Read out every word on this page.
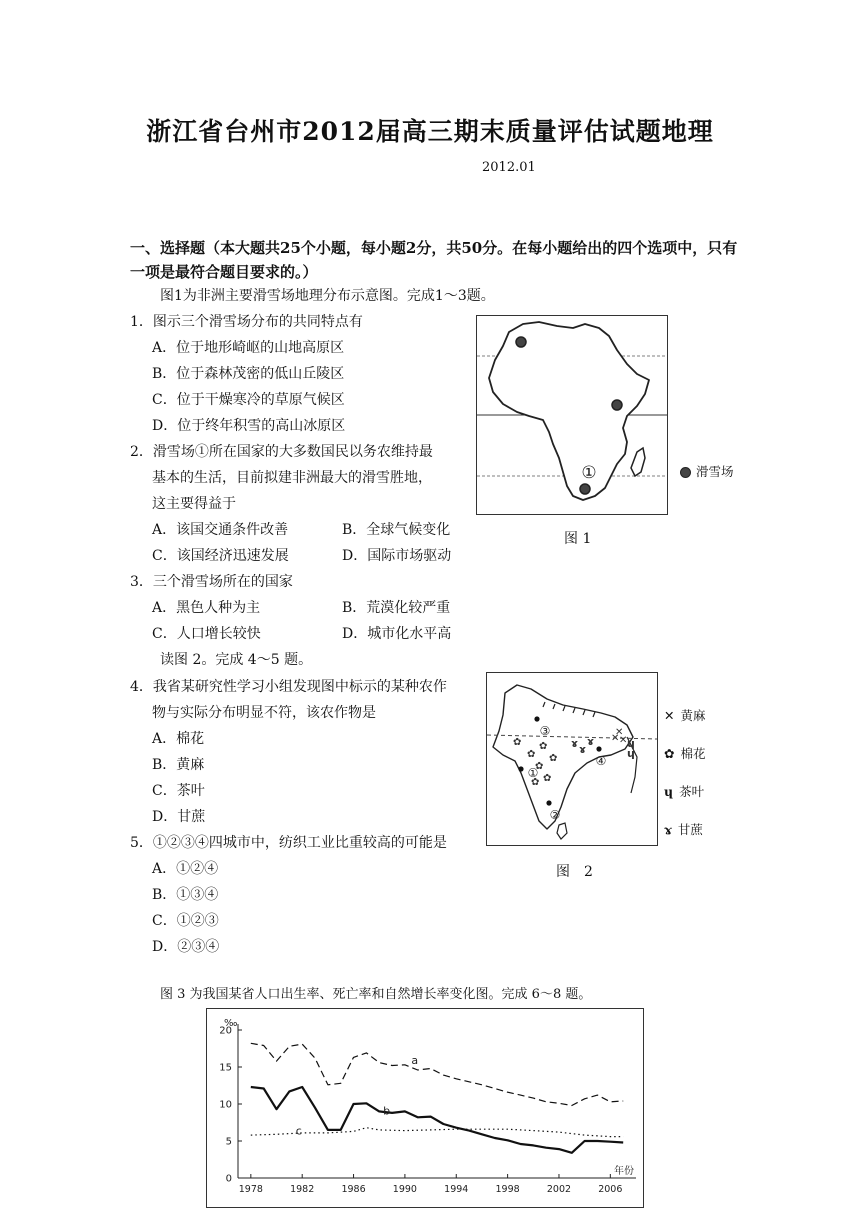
浙江省台州市2012届高三期末质量评估试题地理
2012.01
一、选择题（本大题共25个小题，每小题2分，共50分。在每小题给出的四个选项中，只有一项是最符合题目要求的。）
图1为非洲主要滑雪场地理分布示意图。完成1～3题。
1．图示三个滑雪场分布的共同特点有
A．位于地形崎岖的山地高原区
B．位于森林茂密的低山丘陵区
C．位于干燥寒冷的草原气候区
D．位于终年积雪的高山冰原区
2．滑雪场①所在国家的大多数国民以务农维持最
基本的生活，目前拟建非洲最大的滑雪胜地，
这主要得益于
A．该国交通条件改善	B．全球气候变化
C．该国经济迅速发展	D．国际市场驱动
3．三个滑雪场所在的国家
A．黑色人种为主	B．荒漠化较严重
C．人口增长较快	D．城市化水平高
①	滑雪场
图 1
读图 2。完成 4～5 题。
4．我省某研究性学习小组发现图中标示的某种农作
物与实际分布明显不符，该农作物是
A．棉花
B．黄麻
C．茶叶
D．甘蔗
5．①②③④四城市中，纺织工业比重较高的可能是
A．①②④
B．①③④
C．①②③
D．②③④
③
④
①
②
✿
✿
✿
✿
✿
✿
✿
✕ ✕
✕
ɤ ɤ
ɤ	ɥ
ɥ
✕ 黄麻
✿ 棉花
ɥ 茶叶
ɤ 甘蔗
图　2
图 3 为我国某省人口出生率、死亡率和自然增长率变化图。完成 6～8 题。
0
5
10
15
20
1978	1982	1986	1990	1994	1998	2002	2006
‰
年份
a
b
c
